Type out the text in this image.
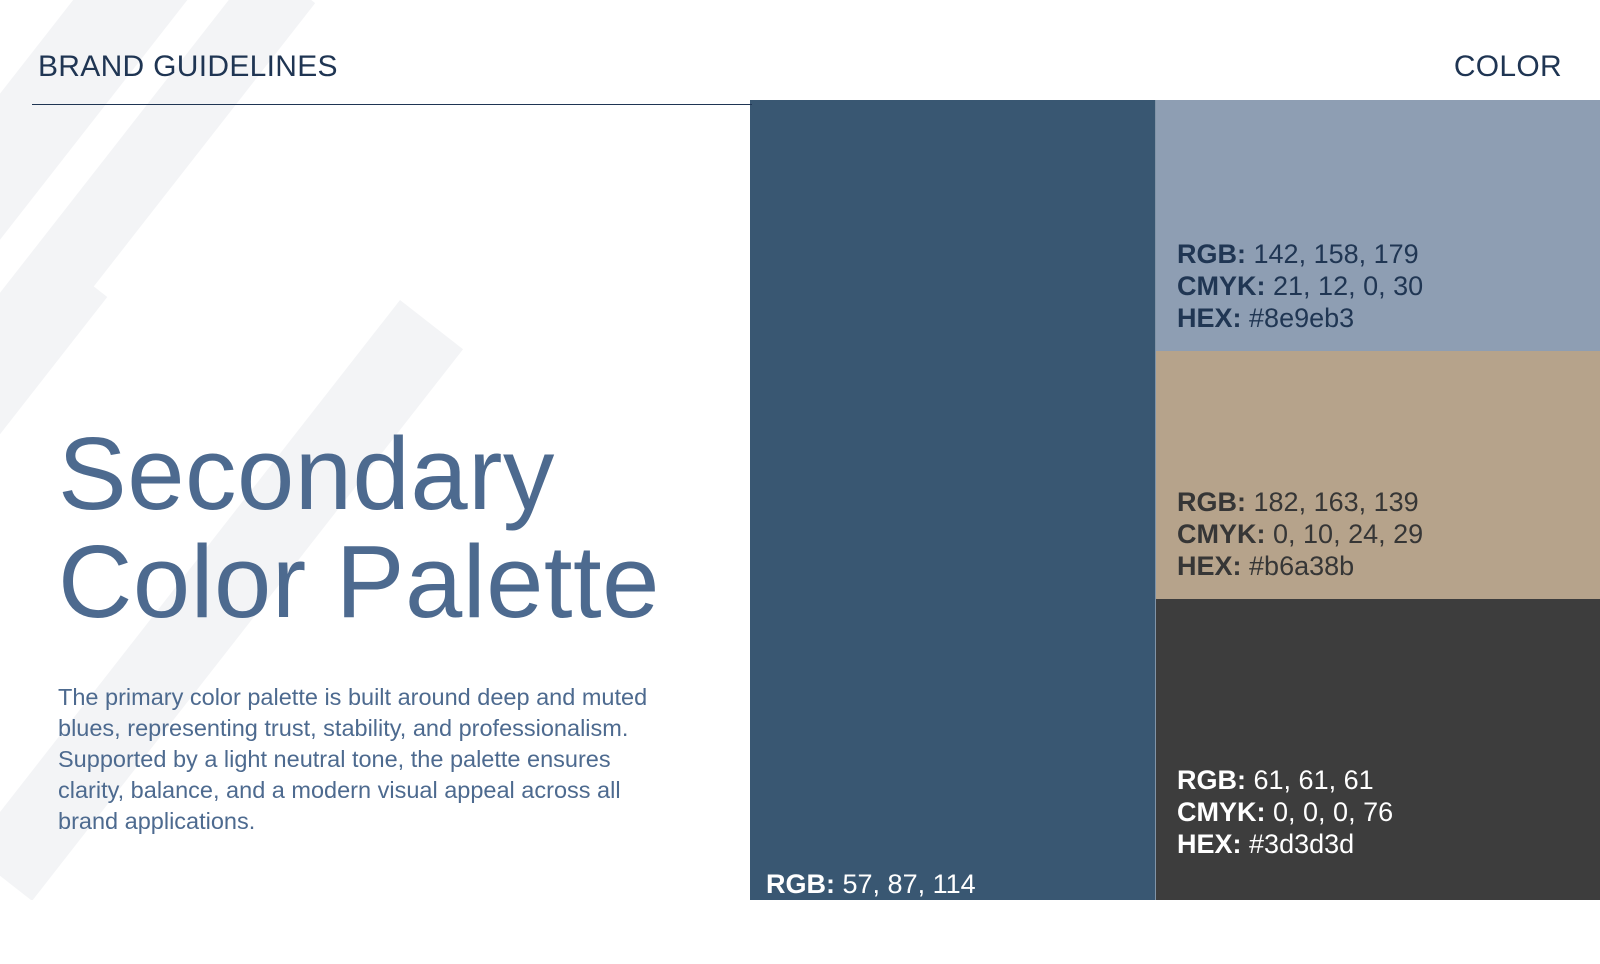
BRAND GUIDELINES	COLOR
Secondary
Color Palette
The primary color palette is built around deep and muted blues, representing trust, stability, and professionalism. Supported by a light neutral tone, the palette ensures clarity, balance, and a modern visual appeal across all brand applications.
RGB: 57, 87, 114
CMYK: 50, 24, 0, 55
HEX: #395772
RGB: 142, 158, 179
CMYK: 21, 12, 0, 30
HEX: #8e9eb3
RGB: 182, 163, 139
CMYK: 0, 10, 24, 29
HEX: #b6a38b
RGB: 61, 61, 61
CMYK: 0, 0, 0, 76
HEX: #3d3d3d
